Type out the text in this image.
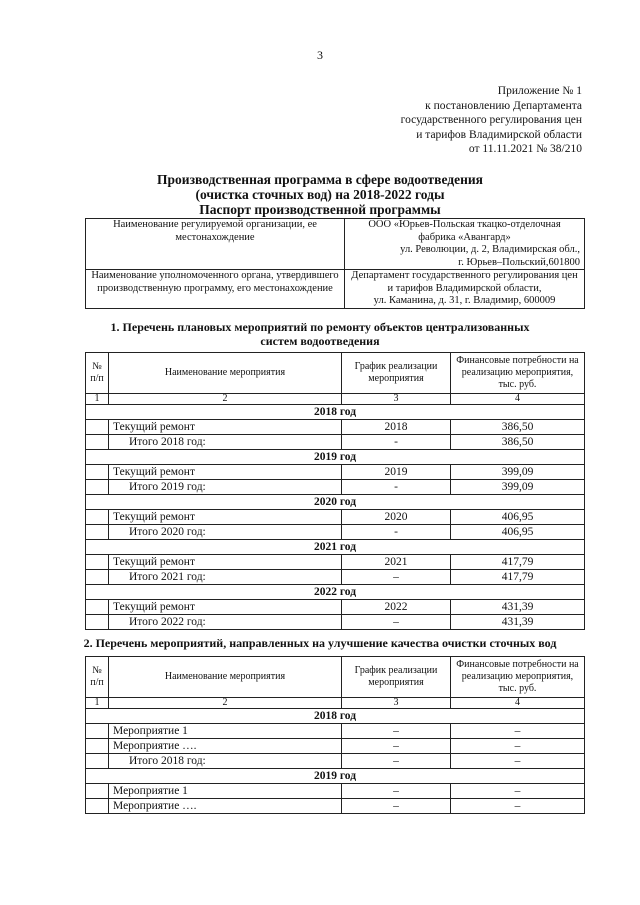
3
Приложение № 1
к постановлению Департамента
государственного регулирования цен
и тарифов Владимирской области
от 11.11.2021 № 38/210
Производственная программа в сфере водоотведения
(очистка сточных вод) на 2018-2022 годы
Паспорт производственной программы
Наименование регулируемой организации, ее местонахождение	ООО «Юрьев-Польская ткацко-отделочная
фабрика «Авангард»
ул. Революции, д. 2, Владимирская обл.,
г. Юрьев–Польский,601800

Наименование уполномоченного органа, утвердившего производственную программу, его местонахождение	Департамент государственного регулирования цен
и тарифов Владимирской области,
ул. Каманина, д. 31, г. Владимир, 600009
1. Перечень плановых мероприятий по ремонту объектов централизованных
систем водоотведения
№ п/п	Наименование мероприятия	График реализации мероприятия	Финансовые потребности на реализацию мероприятия, тыс. руб.
1	2	3	4
2018 год			
	Текущий ремонт	2018	386,50
	Итого 2018 год:	-	386,50
2019 год			
	Текущий ремонт	2019	399,09
	Итого 2019 год:	-	399,09
2020 год			
	Текущий ремонт	2020	406,95
	Итого 2020 год:	-	406,95
2021 год			
	Текущий ремонт	2021	417,79
	Итого 2021 год:	–	417,79
2022 год			
	Текущий ремонт	2022	431,39
	Итого 2022 год:	–	431,39
2. Перечень мероприятий, направленных на улучшение качества очистки сточных вод
№ п/п	Наименование мероприятия	График реализации мероприятия	Финансовые потребности на реализацию мероприятия, тыс. руб.
1	2	3	4
2018 год			
	Мероприятие 1	–	–
	Мероприятие ….	–	–
	Итого 2018 год:	–	–
2019 год			
	Мероприятие 1	–	–
	Мероприятие ….	–	–
